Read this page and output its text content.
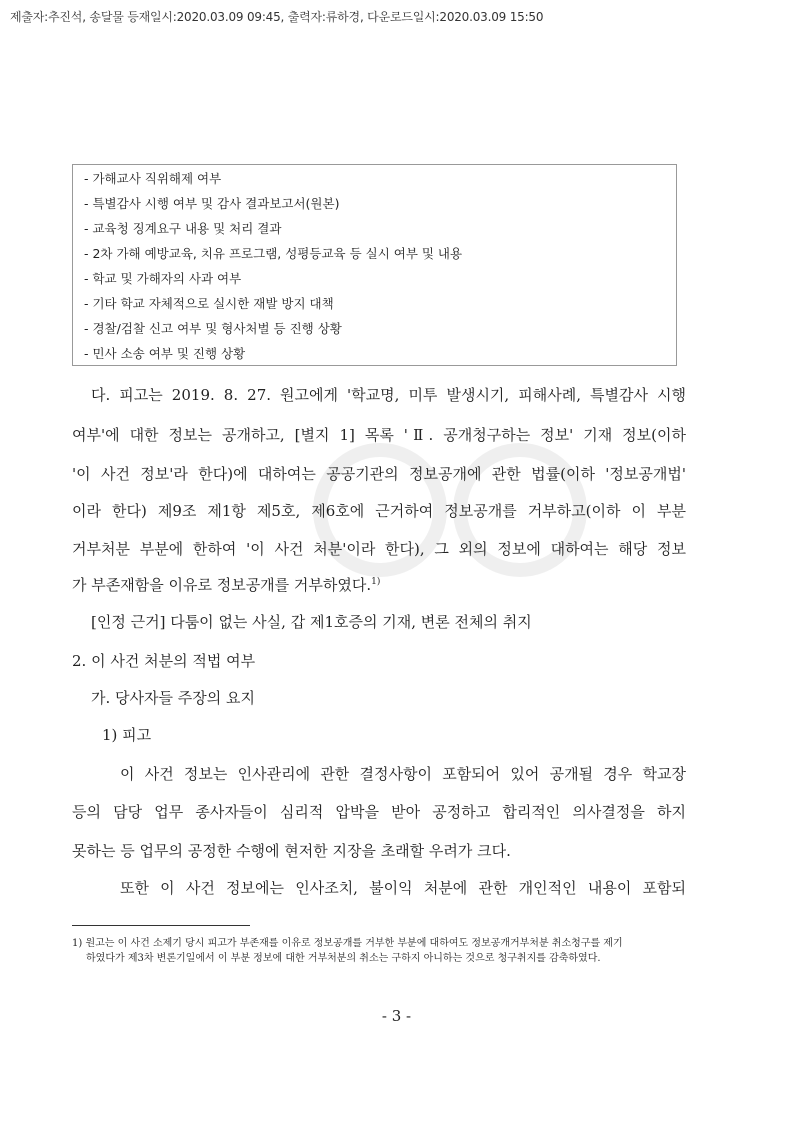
제출자:추진석, 송달물 등재일시:2020.03.09 09:45, 출력자:류하경, 다운로드일시:2020.03.09 15:50
- 가해교사 직위해제 여부
- 특별감사 시행 여부 및 감사 결과보고서(원본)
- 교육청 징계요구 내용 및 처리 결과
- 2차 가해 예방교육, 치유 프로그램, 성평등교육 등 실시 여부 및 내용
- 학교 및 가해자의 사과 여부
- 기타 학교 자체적으로 실시한 재발 방지 대책
- 경찰/검찰 신고 여부 및 형사처벌 등 진행 상황
- 민사 소송 여부 및 진행 상황
다. 피고는 2019. 8. 27. 원고에게 '학교명, 미투 발생시기, 피해사례, 특별감사 시행
여부'에 대한 정보는 공개하고, [별지 1] 목록 'Ⅱ. 공개청구하는 정보' 기재 정보(이하
'이 사건 정보'라 한다)에 대하여는 공공기관의 정보공개에 관한 법률(이하 '정보공개법'
이라 한다) 제9조 제1항 제5호, 제6호에 근거하여 정보공개를 거부하고(이하 이 부분
거부처분 부분에 한하여 '이 사건 처분'이라 한다), 그 외의 정보에 대하여는 해당 정보
가 부존재함을 이유로 정보공개를 거부하였다.$^{1)}$
[인정 근거] 다툼이 없는 사실, 갑 제1호증의 기재, 변론 전체의 취지
2. 이 사건 처분의 적법 여부
가. 당사자들 주장의 요지
1) 피고
이 사건 정보는 인사관리에 관한 결정사항이 포함되어 있어 공개될 경우 학교장
등의 담당 업무 종사자들이 심리적 압박을 받아 공정하고 합리적인 의사결정을 하지
못하는 등 업무의 공정한 수행에 현저한 지장을 초래할 우려가 크다.
또한 이 사건 정보에는 인사조치, 불이익 처분에 관한 개인적인 내용이 포함되
1) 원고는 이 사건 소제기 당시 피고가 부존재를 이유로 정보공개를 거부한 부분에 대하여도 정보공개거부처분 취소청구를 제기
하였다가 제3차 변론기일에서 이 부분 정보에 대한 거부처분의 취소는 구하지 아니하는 것으로 청구취지를 감축하였다.
- 3 -
